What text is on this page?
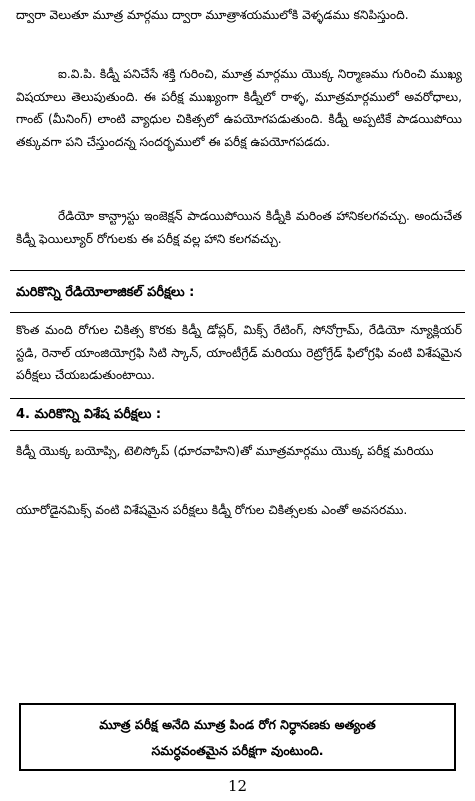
ద్వారా వెలుతూ మూత్ర మార్గము ద్వారా మూత్రాశయములోకి వెళ్ళడము కనిపిస్తుంది.

ఐ.వి.పి. కిడ్నీ పనిచేసే శక్తి గురించి, మూత్ర మార్గము యొక్క నిర్మాణము గురించి ముఖ్య విషయాలు తెలుపుతుంది. ఈ పరీక్ష ముఖ్యంగా కిడ్నీలో రాళ్ళ, మూత్రమార్గములో అవరోధాలు, గాంట్ (మీనింగ్) లాంటి వ్యాధుల చికిత్సలో ఉపయోగపడుతుంది. కిడ్నీ అప్పటికే పాడయిపోయి తక్కువగా పని చేస్తుందన్న సందర్భములో ఈ పరీక్ష ఉపయోగపడదు.

రేడియో కాన్ట్రాస్టు ఇంజెక్షన్ పాడయిపోయిన కిడ్నీకి మరింత హానికలగవచ్చు. అందుచేత కిడ్నీ ఫెయిల్యూర్ రోగులకు ఈ పరీక్ష వల్ల హాని కలగవచ్చు.

మరికొన్ని రేడియోలాజికల్ పరీక్షలు :

కొంత మంది రోగుల చికిత్స కొరకు కిడ్నీ డోప్లర్, మిక్స్ రేటింగ్, సోనోగ్రామ్, రేడియో న్యూక్లియర్ స్టడి, రెనాల్ యాంజియోగ్రఫి సిటి స్కాన్, యాంటీగ్రేడ్ మరియు రెట్రోగ్రేడ్ ఫిలోగ్రఫి వంటి విశేషమైన పరీక్షలు చేయబడుతుంటాయి.

4. మరికొన్ని విశేష పరీక్షలు :

కిడ్నీ యొక్క బయోప్సి, టెలిస్కోప్ (ధూరవాహిని)తో మూత్రమార్గము యొక్క పరీక్ష మరియు

యూరోడైనమిక్స్ వంటి విశేషమైన పరీక్షలు కిడ్నీ రోగుల చికిత్సలకు ఎంతో అవసరము.

మూత్ర పరీక్ష అనేది మూత్ర పిండ రోగ నిర్ధానణకు అత్యంత
సమర్ధవంతమైన పరీక్షగా వుంటుంది.
12
